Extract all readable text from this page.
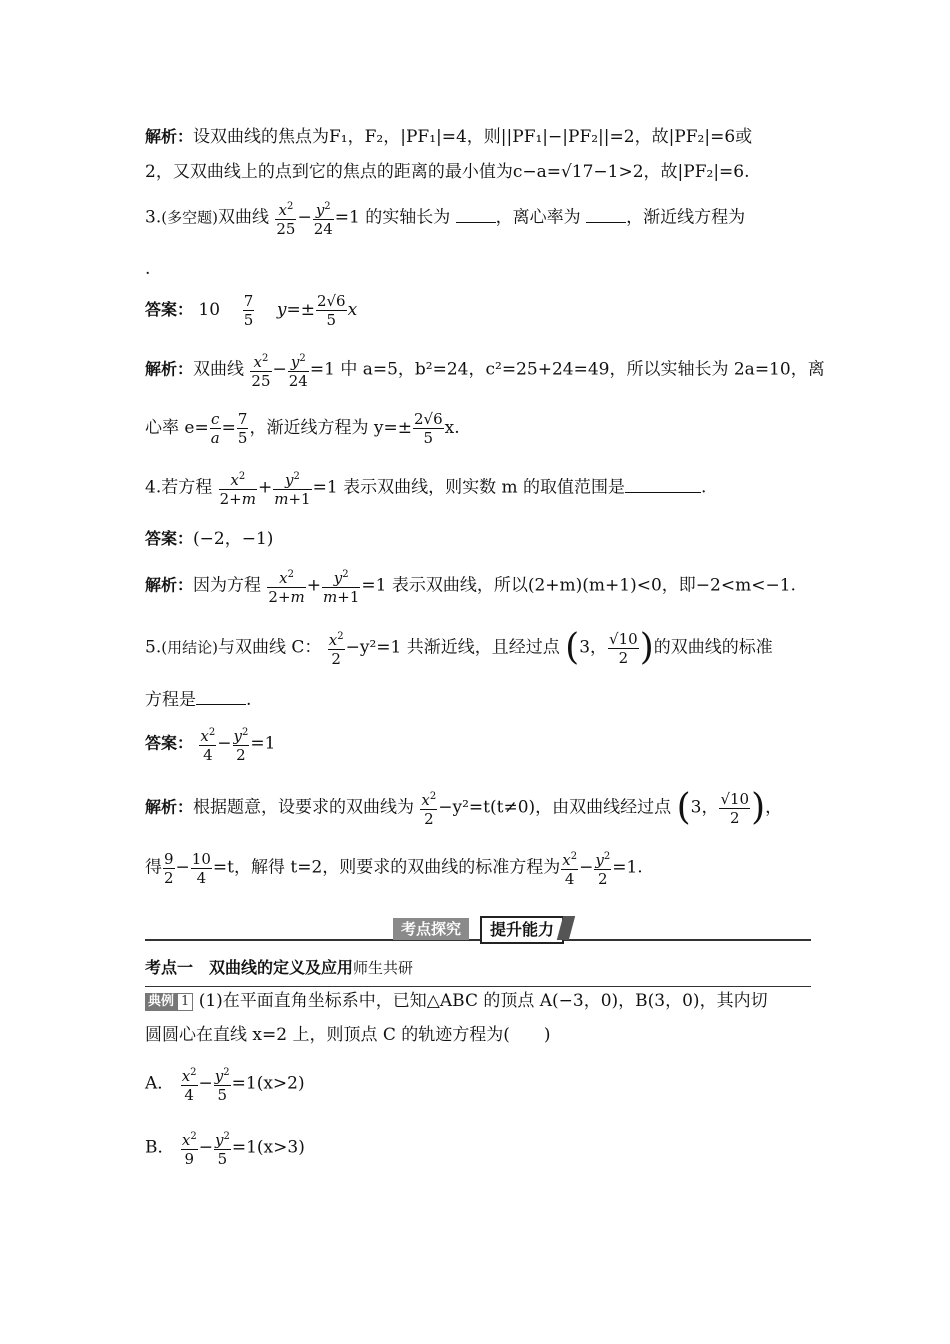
解析：设双曲线的焦点为F₁，F₂，|PF₁|=4，则||PF₁|−|PF₂||=2，故|PF₂|=6或
2，又双曲线上的点到它的焦点的距离的最小值为c−a=√17−1>2，故|PF₂|=6.
3.(多空题)双曲线 $\frac{x^2}{25} - \frac{y^2}{24} =1$ 的实轴长为	，离心率为	，渐近线方程为
.
答案： $10 \frac{7}{5} y=\pm \frac{2√6}{5}$ x
解析：双曲线 $\frac{x^2}{25} - \frac{y^2}{24} =1$ 中 a=5，b²=24，c²=25+24=49，所以实轴长为 2a=10，离
心率 $e= \frac{c}{a} = \frac{7}{5}$ ，渐近线方程为 $y=\pm \frac{2√6}{5} x$.
4.若方程 $\frac{x^2}{2+m} + \frac{y^2}{m+1} =1$ 表示双曲线，则实数 m 的取值范围是	.
答案：(−2，−1)
解析：因为方程 $\frac{x^2}{2+m} + \frac{y^2}{m+1} =1$ 表示双曲线，所以(2+m)(m+1)<0，即−2<m<−1.
5.(用结论)与双曲线 C： $\frac{x^2}{2} -y^2=1$ 共渐近线，且经过点 (3， $\frac{√10}{2}$ )的双曲线的标准
方程是	.
答案： $\frac{x^2}{4} - \frac{y^2}{2} =1$
解析：根据题意，设要求的双曲线为 $\frac{x^2}{2} -y^2=t(t\ne 0)$，由双曲线经过点 (3， $\frac{√10}{2}$ )，
得 $\frac{9}{2} - \frac{10}{4} =t$，解得 t=2，则要求的双曲线的标准方程为 $\frac{x^2}{4} - \frac{y^2}{2} =1$.
考点探究	提升能力
考点一　双曲线的定义及应用师生共研
典例 1 (1)在平面直角坐标系中，已知△ABC 的顶点 A(−3，0)，B(3，0)，其内切
圆圆心在直线 x=2 上，则顶点 C 的轨迹方程为(　　)
A． $\frac{x^2}{4} - \frac{y^2}{5} =1(x>2)$
B． $\frac{x^2}{9} - \frac{y^2}{5} =1(x>3)$
